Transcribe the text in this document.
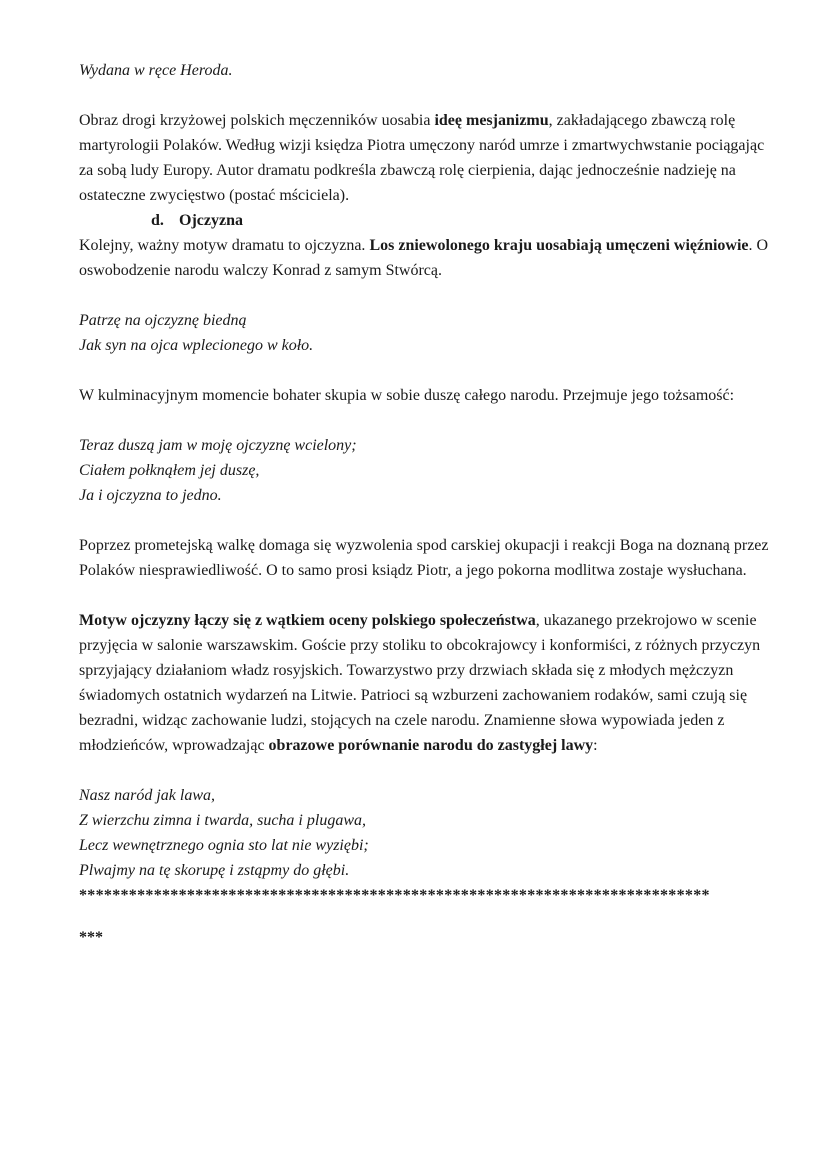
Wydana w ręce Heroda.

Obraz drogi krzyżowej polskich męczenników uosabia ideę mesjanizmu, zakładającego zbawczą rolę martyrologii Polaków. Według wizji księdza Piotra umęczony naród umrze i zmartwychwstanie pociągając za sobą ludy Europy. Autor dramatu podkreśla zbawczą rolę cierpienia, dając jednocześnie nadzieję na ostateczne zwycięstwo (postać mściciela).

d. Ojczyzna

Kolejny, ważny motyw dramatu to ojczyzna. Los zniewolonego kraju uosabiają umęczeni więźniowie. O oswobodzenie narodu walczy Konrad z samym Stwórcą.

Patrzę na ojczyznę biedną

Jak syn na ojca wplecionego w koło.

W kulminacyjnym momencie bohater skupia w sobie duszę całego narodu. Przejmuje jego tożsamość:

Teraz duszą jam w moję ojczyznę wcielony;

Ciałem połknąłem jej duszę,

Ja i ojczyzna to jedno.

Poprzez prometejską walkę domaga się wyzwolenia spod carskiej okupacji i reakcji Boga na doznaną przez Polaków niesprawiedliwość. O to samo prosi ksiądz Piotr, a jego pokorna modlitwa zostaje wysłuchana.

Motyw ojczyzny łączy się z wątkiem oceny polskiego społeczeństwa, ukazanego przekrojowo w scenie przyjęcia w salonie warszawskim. Goście przy stoliku to obcokrajowcy i konformiści, z różnych przyczyn sprzyjający działaniom władz rosyjskich. Towarzystwo przy drzwiach składa się z młodych mężczyzn świadomych ostatnich wydarzeń na Litwie. Patrioci są wzburzeni zachowaniem rodaków, sami czują się bezradni, widząc zachowanie ludzi, stojących na czele narodu. Znamienne słowa wypowiada jeden z młodzieńców, wprowadzając obrazowe porównanie narodu do zastygłej lawy:

Nasz naród jak lawa,

Z wierzchu zimna i twarda, sucha i plugawa,

Lecz wewnętrznego ognia sto lat nie wyziębi;

Plwajmy na tę skorupę i zstąpmy do głębi.

****************************************************************************

***
